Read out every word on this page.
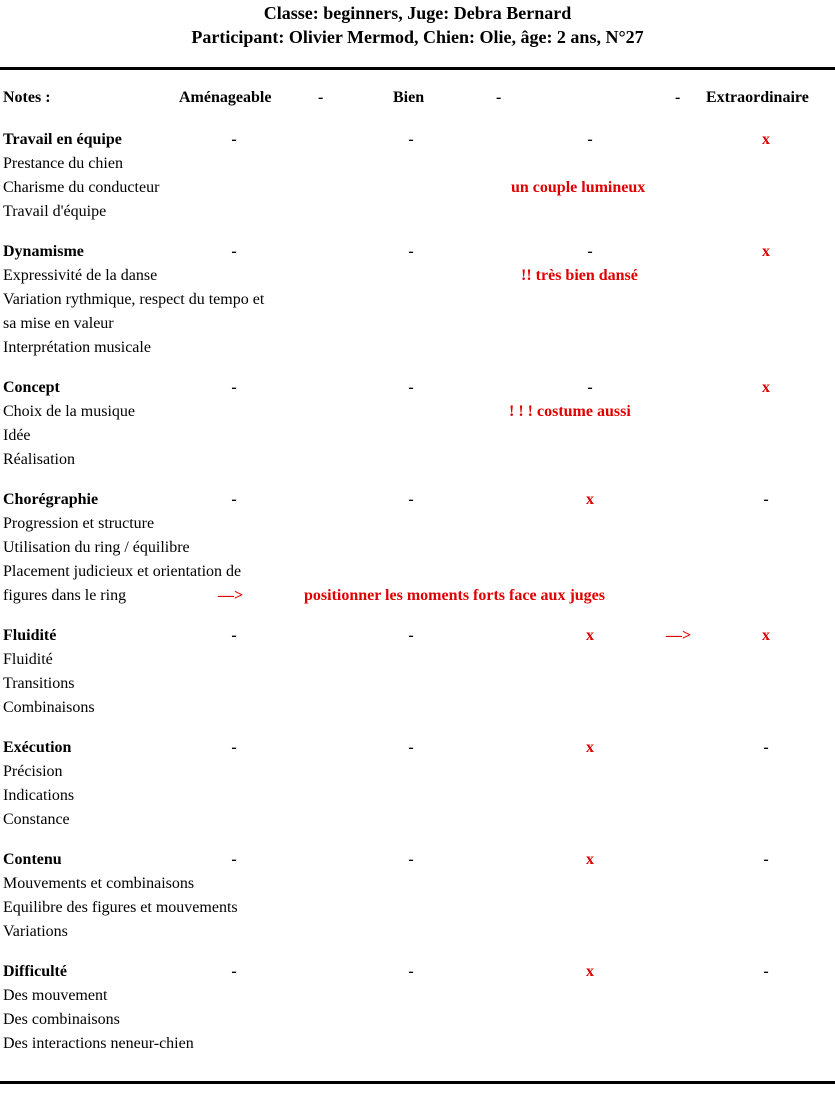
Classe: beginners, Juge: Debra Bernard
Participant: Olivier Mermod, Chien: Olie, âge: 2 ans, N°27
Notes :	Aménageable	-	Bien	-	- Extraordinaire
Travail en équipe	-	-	-	x
Prestance du chien
Charisme du conducteur
Travail d'équipe
un couple lumineux
Dynamisme	-	-	-	x
Expressivité de la danse
Variation rythmique, respect du tempo et
sa mise en valeur
Interprétation musicale
!! très bien dansé
Concept	-	-	-	x
Choix de la musique
Idée
Réalisation
! ! ! costume aussi
Chorégraphie	-	-	x	-
Progression et structure
Utilisation du ring / équilibre
Placement judicieux et orientation de
figures dans le ring	—>	positionner les moments forts face aux juges
Fluidité	-	-	x	—>	x
Fluidité
Transitions
Combinaisons
Exécution	-	-	x	-
Précision
Indications
Constance
Contenu	-	-	x	-
Mouvements et combinaisons
Equilibre des figures et mouvements
Variations
Difficulté	-	-	x	-
Des mouvement
Des combinaisons
Des interactions neneur-chien
